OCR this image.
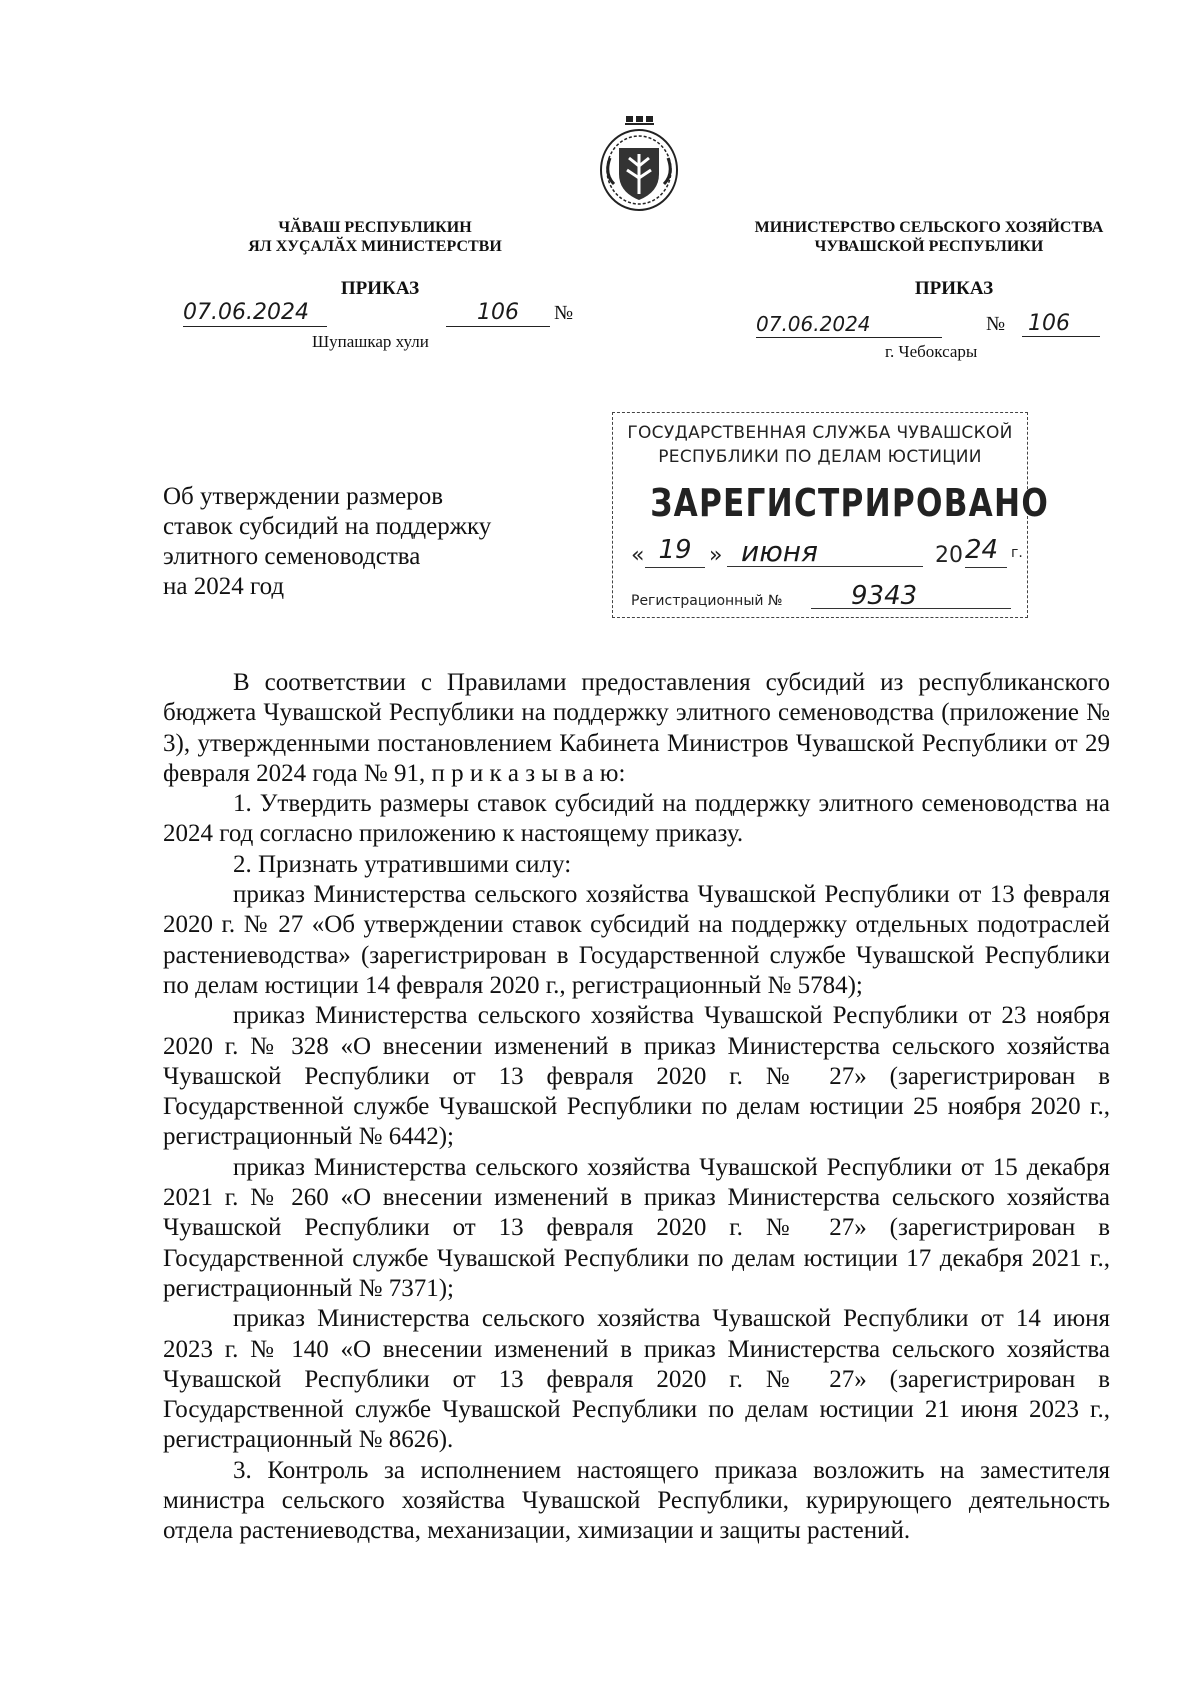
ЧӐВАШ РЕСПУБЛИКИН
ЯЛ ХУҪАЛӐХ МИНИСТЕРСТВИ
ПРИКАЗ
07.06.2024	106	№
Шупашкар хули
МИНИСТЕРСТВО СЕЛЬСКОГО ХОЗЯЙСТВА
ЧУВАШСКОЙ РЕСПУБЛИКИ
ПРИКАЗ
07.06.2024	№ 106
г. Чебоксары
ГОСУДАРСТВЕННАЯ СЛУЖБА ЧУВАШСКОЙ
РЕСПУБЛИКИ ПО ДЕЛАМ ЮСТИЦИИ
ЗАРЕГИСТРИРОВАНО
« 19 » июня	20 24 г.
Регистрационный №	9343
Об утверждении размеров
ставок субсидий на поддержку
элитного семеноводства
на 2024 год
В соответствии с Правилами предоставления субсидий из республиканского бюджета Чувашской Республики на поддержку элитного семеноводства (приложение № 3), утвержденными постановлением Кабинета Министров Чувашской Республики от 29 февраля 2024 года № 91, п р и к а з ы в а ю:
1. Утвердить размеры ставок субсидий на поддержку элитного семеноводства на 2024 год согласно приложению к настоящему приказу.
2. Признать утратившими силу:
приказ Министерства сельского хозяйства Чувашской Республики от 13 февраля 2020 г. № 27 «Об утверждении ставок субсидий на поддержку отдельных подотраслей растениеводства» (зарегистрирован в Государственной службе Чувашской Республики по делам юстиции 14 февраля 2020 г., регистрационный № 5784);
приказ Министерства сельского хозяйства Чувашской Республики от 23 ноября 2020 г. № 328 «О внесении изменений в приказ Министерства сельского хозяйства Чувашской Республики от 13 февраля 2020 г. № 27» (зарегистрирован в Государственной службе Чувашской Республики по делам юстиции 25 ноября 2020 г., регистрационный № 6442);
приказ Министерства сельского хозяйства Чувашской Республики от 15 декабря 2021 г. № 260 «О внесении изменений в приказ Министерства сельского хозяйства Чувашской Республики от 13 февраля 2020 г. № 27» (зарегистрирован в Государственной службе Чувашской Республики по делам юстиции 17 декабря 2021 г., регистрационный № 7371);
приказ Министерства сельского хозяйства Чувашской Республики от 14 июня 2023 г. № 140 «О внесении изменений в приказ Министерства сельского хозяйства Чувашской Республики от 13 февраля 2020 г. № 27» (зарегистрирован в Государственной службе Чувашской Республики по делам юстиции 21 июня 2023 г., регистрационный № 8626).
3. Контроль за исполнением настоящего приказа возложить на заместителя министра сельского хозяйства Чувашской Республики, курирующего деятельность отдела растениеводства, механизации, химизации и защиты растений.
